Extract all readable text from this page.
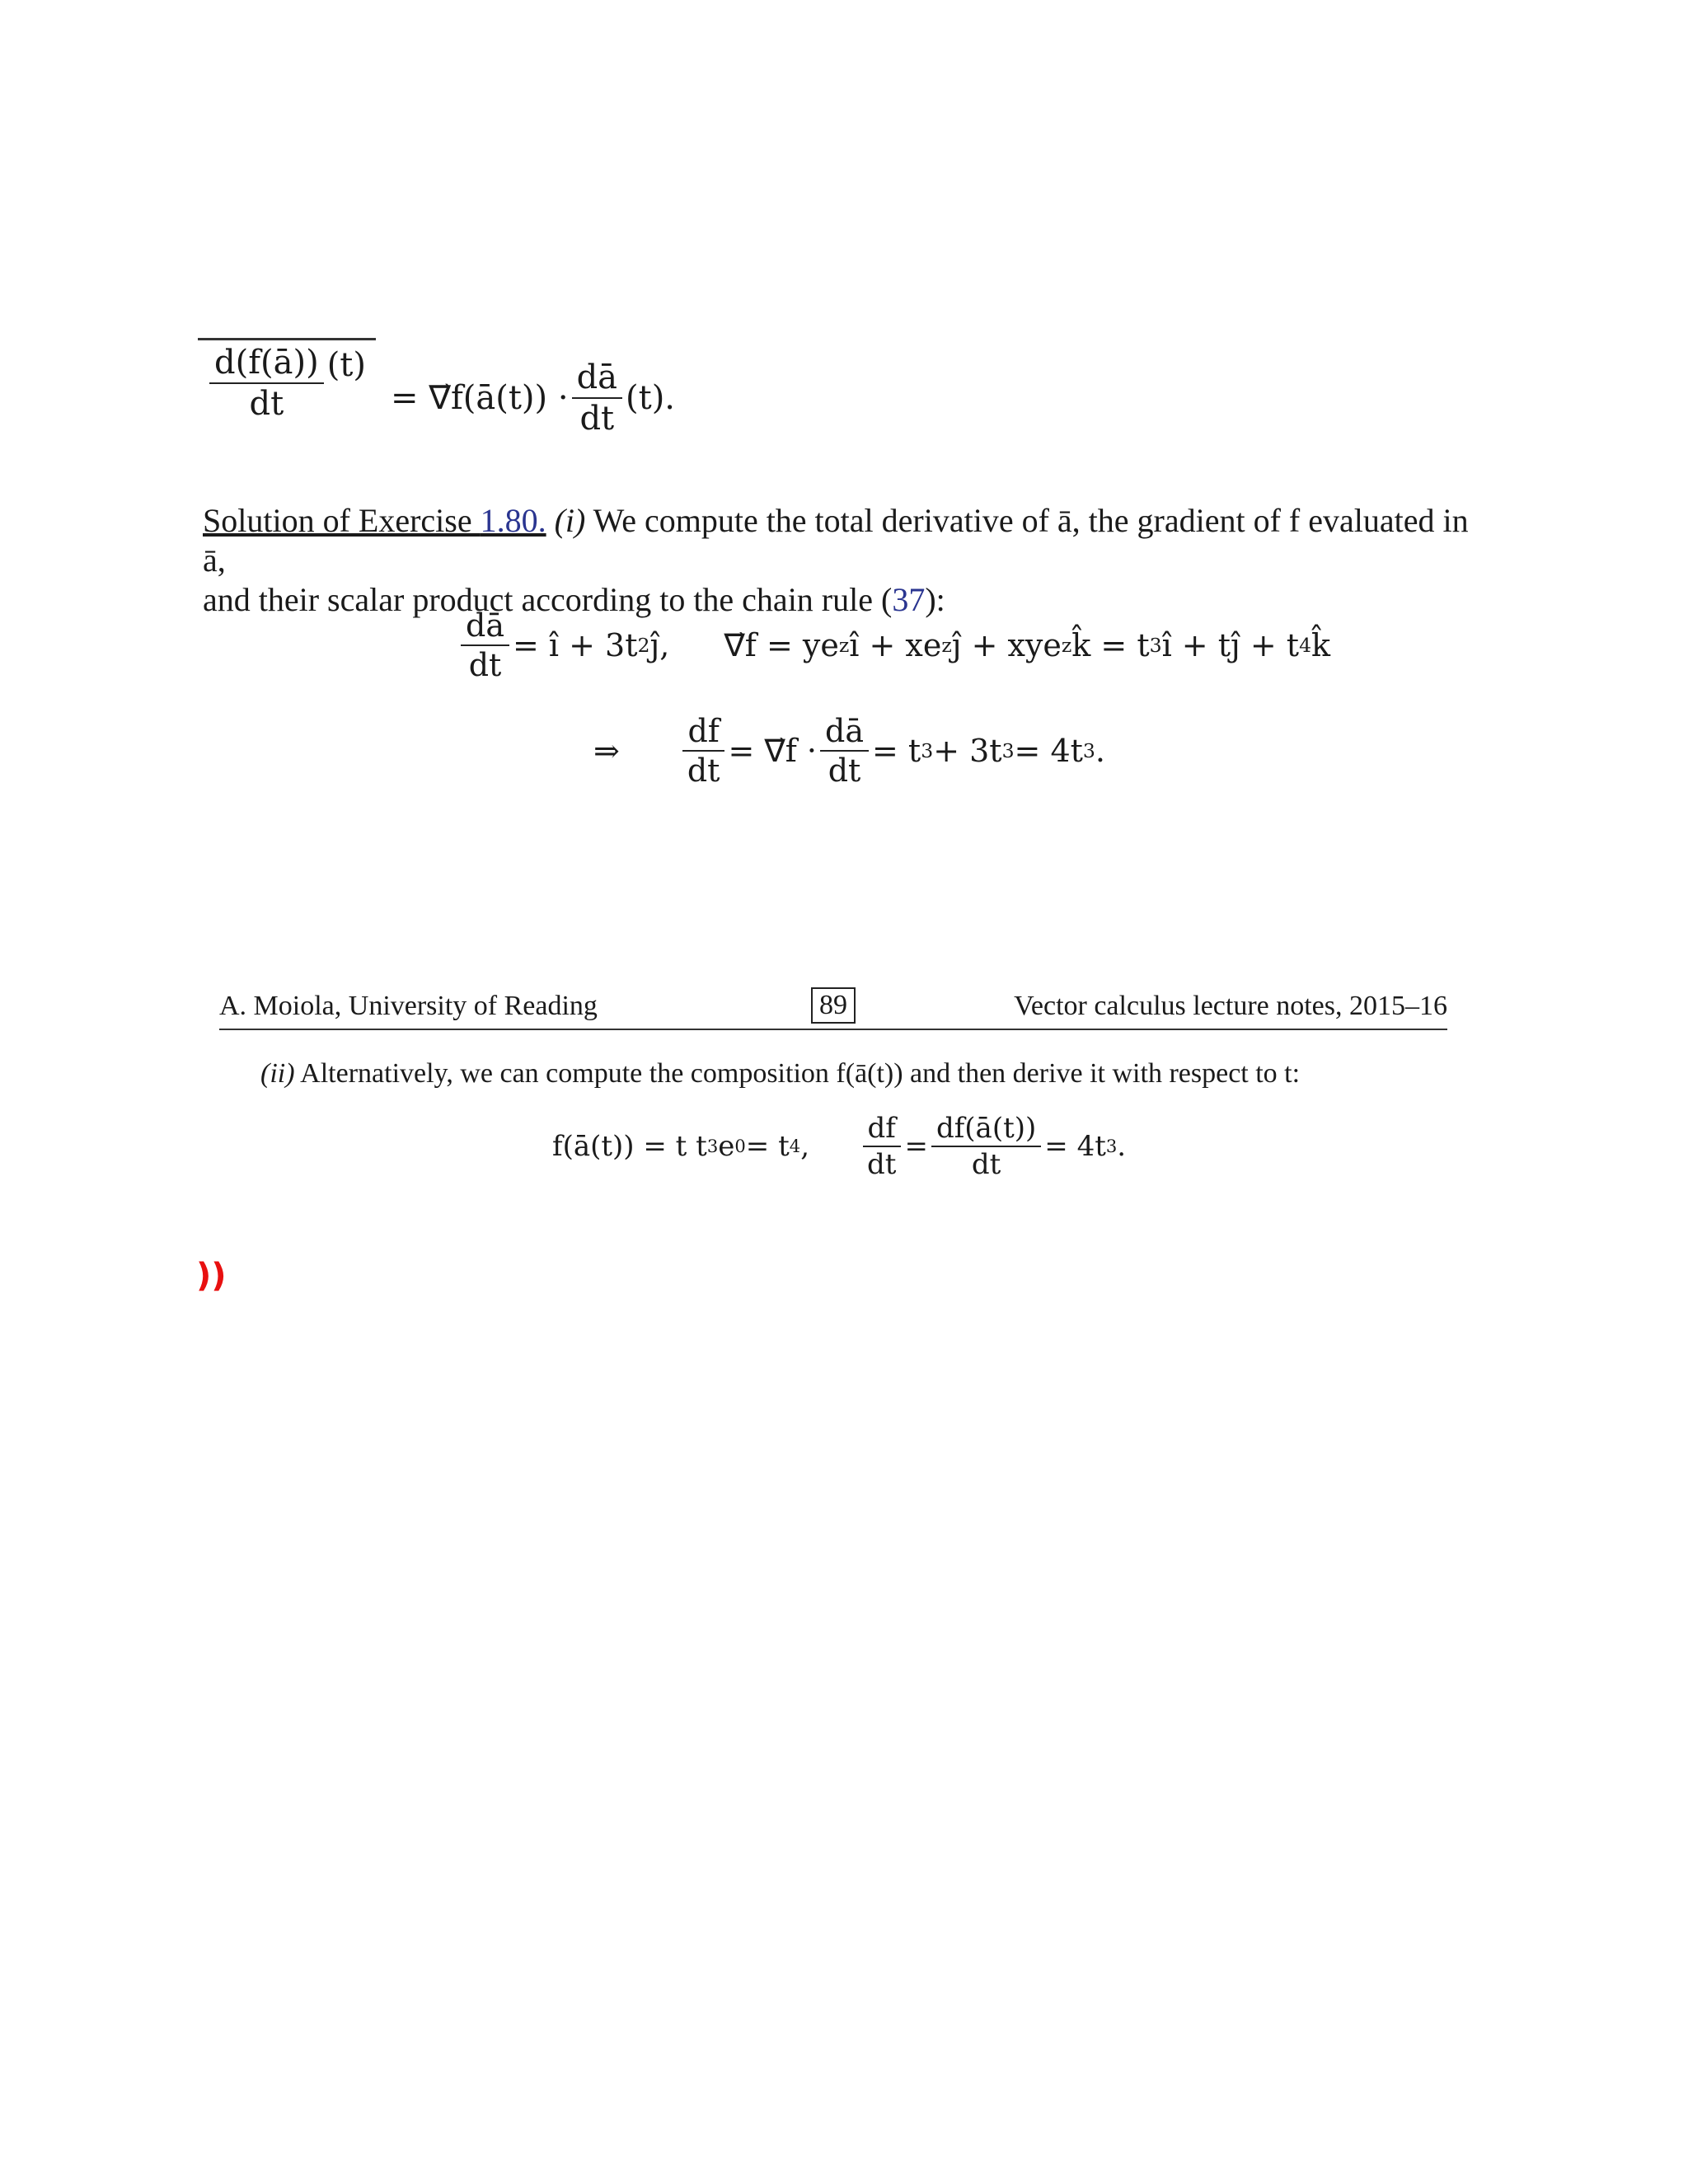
$\frac{d(f(ā))}{dt} (t)$
= ∇⃗f(ā(t)) · $\frac{dā}{dt} (t)$.
Solution of Exercise 1.80. (i) We compute the total derivative of ā, the gradient of f evaluated in ā,
and their scalar product according to the chain rule (37):
$\frac{dā}{dt}$ = ı̂ + 3t 2 ȷ̂, ∇⃗f = ye z ı̂ + xe z ȷ̂ + xye z k̂ = t 3 ı̂ + tȷ̂ + t 4 k̂
⇒ $\frac{df}{dt}$ = ∇⃗f · $\frac{dā}{dt} = t$ 3 + 3t 3 = 4t 3 .
A. Moiola, University of Reading	89	Vector calculus lecture notes, 2015–16
(ii) Alternatively, we can compute the composition f(ā(t)) and then derive it with respect to t:
f(ā(t)) = t t 3 e 0 = t 4 , $\frac{df}{dt} = \frac{df(ā(t))}{dt} = 4t$ 3 .
))
